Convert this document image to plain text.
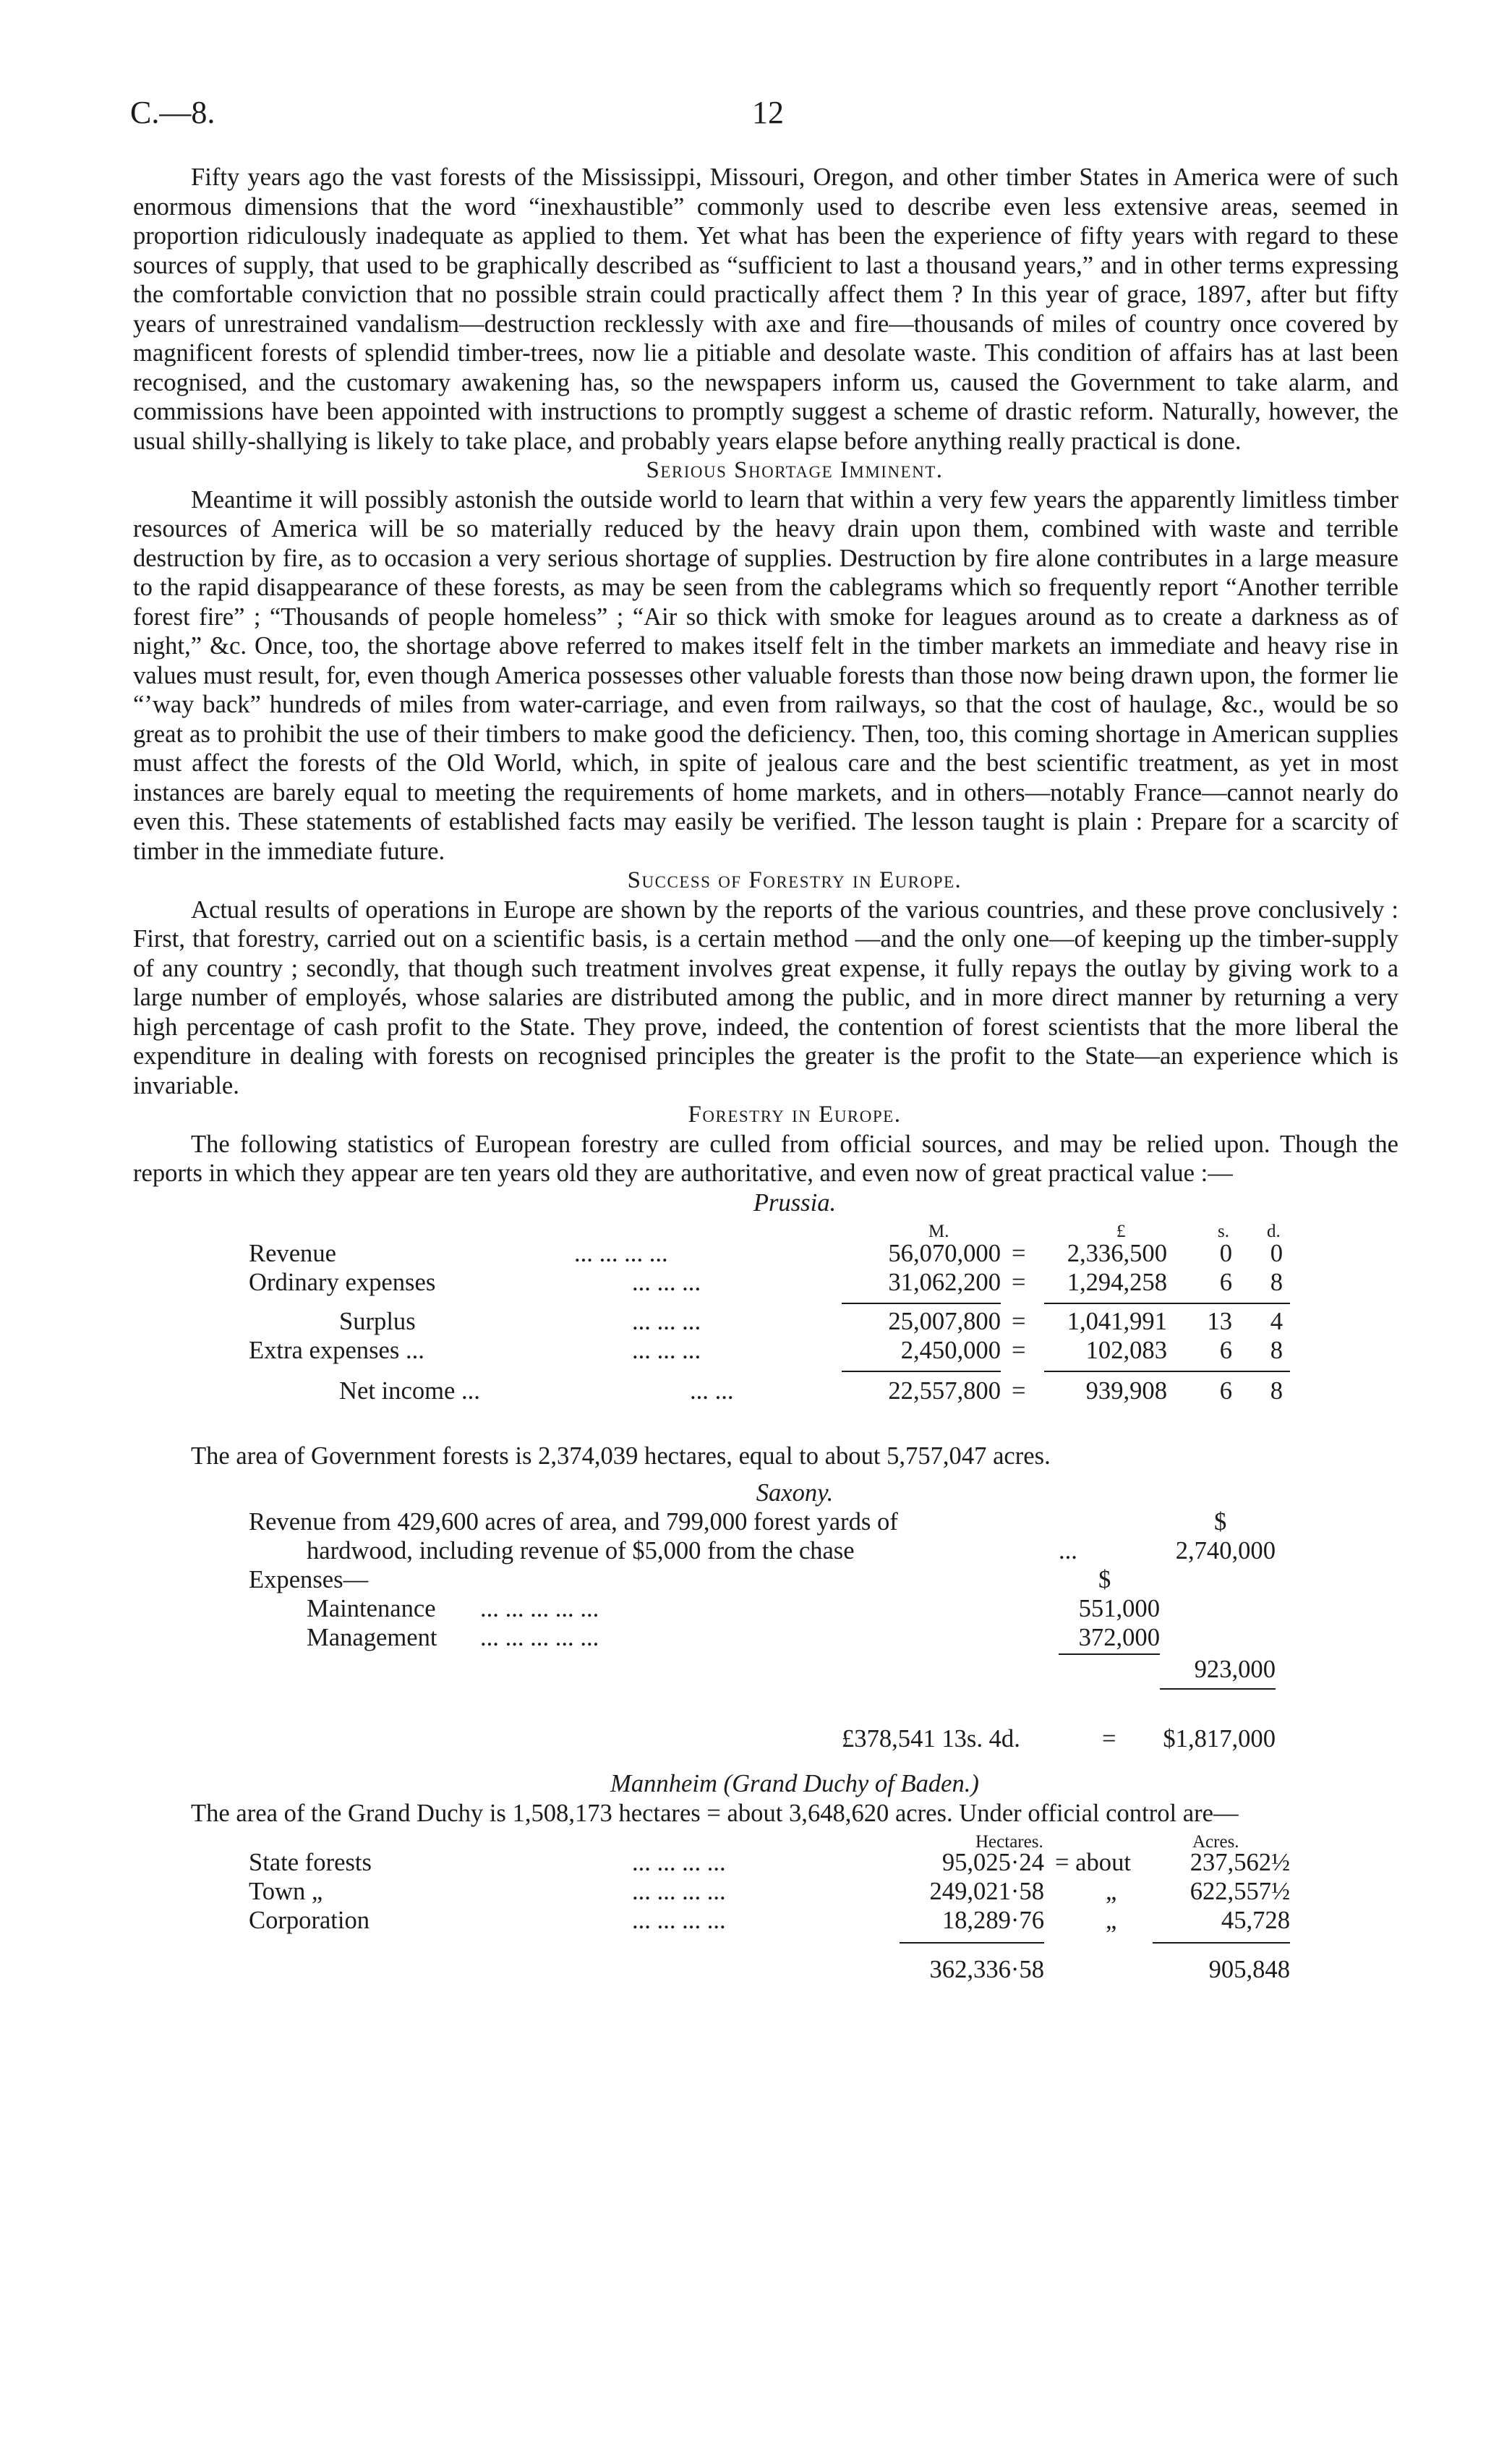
C.—8.	12

Fifty years ago the vast forests of the Mississippi, Missouri, Oregon, and other timber States in America were of such enormous dimensions that the word “inexhaustible” commonly used to describe even less extensive areas, seemed in proportion ridiculously inadequate as applied to them. Yet what has been the experience of fifty years with regard to these sources of supply, that used to be graphically described as “sufficient to last a thousand years,” and in other terms expressing the comfortable conviction that no possible strain could practically affect them ? In this year of grace, 1897, after but fifty years of unrestrained vandalism—destruction recklessly with axe and fire—thousands of miles of country once covered by magnificent forests of splendid timber-trees, now lie a pitiable and desolate waste. This condition of affairs has at last been recognised, and the customary awakening has, so the newspapers inform us, caused the Government to take alarm, and commissions have been appointed with instructions to promptly suggest a scheme of drastic reform. Naturally, however, the usual shilly-shallying is likely to take place, and probably years elapse before anything really practical is done.

Serious Shortage Imminent.

Meantime it will possibly astonish the outside world to learn that within a very few years the apparently limitless timber resources of America will be so materially reduced by the heavy drain upon them, combined with waste and terrible destruction by fire, as to occasion a very serious shortage of supplies. Destruction by fire alone contributes in a large measure to the rapid disappearance of these forests, as may be seen from the cablegrams which so frequently report “Another terrible forest fire” ; “Thousands of people homeless” ; “Air so thick with smoke for leagues around as to create a darkness as of night,” &c. Once, too, the shortage above referred to makes itself felt in the timber markets an immediate and heavy rise in values must result, for, even though America possesses other valuable forests than those now being drawn upon, the former lie “’way back” hundreds of miles from water-carriage, and even from railways, so that the cost of haulage, &c., would be so great as to prohibit the use of their timbers to make good the deficiency. Then, too, this coming shortage in American supplies must affect the forests of the Old World, which, in spite of jealous care and the best scientific treatment, as yet in most instances are barely equal to meeting the requirements of home markets, and in others—notably France—cannot nearly do even this. These statements of established facts may easily be verified. The lesson taught is plain : Prepare for a scarcity of timber in the immediate future.

Success of Forestry in Europe.

Actual results of operations in Europe are shown by the reports of the various countries, and these prove conclusively : First, that forestry, carried out on a scientific basis, is a certain method —and the only one—of keeping up the timber-supply of any country ; secondly, that though such treatment involves great expense, it fully repays the outlay by giving work to a large number of employés, whose salaries are distributed among the public, and in more direct manner by returning a very high percentage of cash profit to the State. They prove, indeed, the contention of forest scientists that the more liberal the expenditure in dealing with forests on recognised principles the greater is the profit to the State—an experience which is invariable.

Forestry in Europe.

The following statistics of European forestry are culled from official sources, and may be relied upon. Though the reports in which they appear are ten years old they are authoritative, and even now of great practical value :—

Prussia.

M.	£	s. d.
Revenue	... ... ... ...	56,070,000 =	2,336,500	0	0
Ordinary expenses	... ... ...	31,062,200 =	1,294,258	6	8
Surplus	... ... ...	25,007,800 =	1,041,991	13	4
Extra expenses ...	... ... ...	2,450,000 =	102,083	6	8
Net income ...	... ...	22,557,800 =	939,908	6	8

The area of Government forests is 2,374,039 hectares, equal to about 5,757,047 acres.

Saxony.

Revenue from 429,600 acres of area, and 799,000 forest yards of	$
hardwood, including revenue of $5,000 from the chase	...	2,740,000
Expenses—	$
Maintenance ... ... ... ... ...	551,000
Management ... ... ... ... ...	372,000
923,000
£378,541 13s. 4d.	=	$1,817,000

Mannheim (Grand Duchy of Baden.)

The area of the Grand Duchy is 1,508,173 hectares = about 3,648,620 acres. Under official control are—

Hectares.	Acres.
State forests	... ... ... ...	95,025·24 = about	237,562½
Town „	... ... ... ...	249,021·58 „	622,557½
Corporation	... ... ... ...	18,289·76 „	45,728
362,336·58	905,848
